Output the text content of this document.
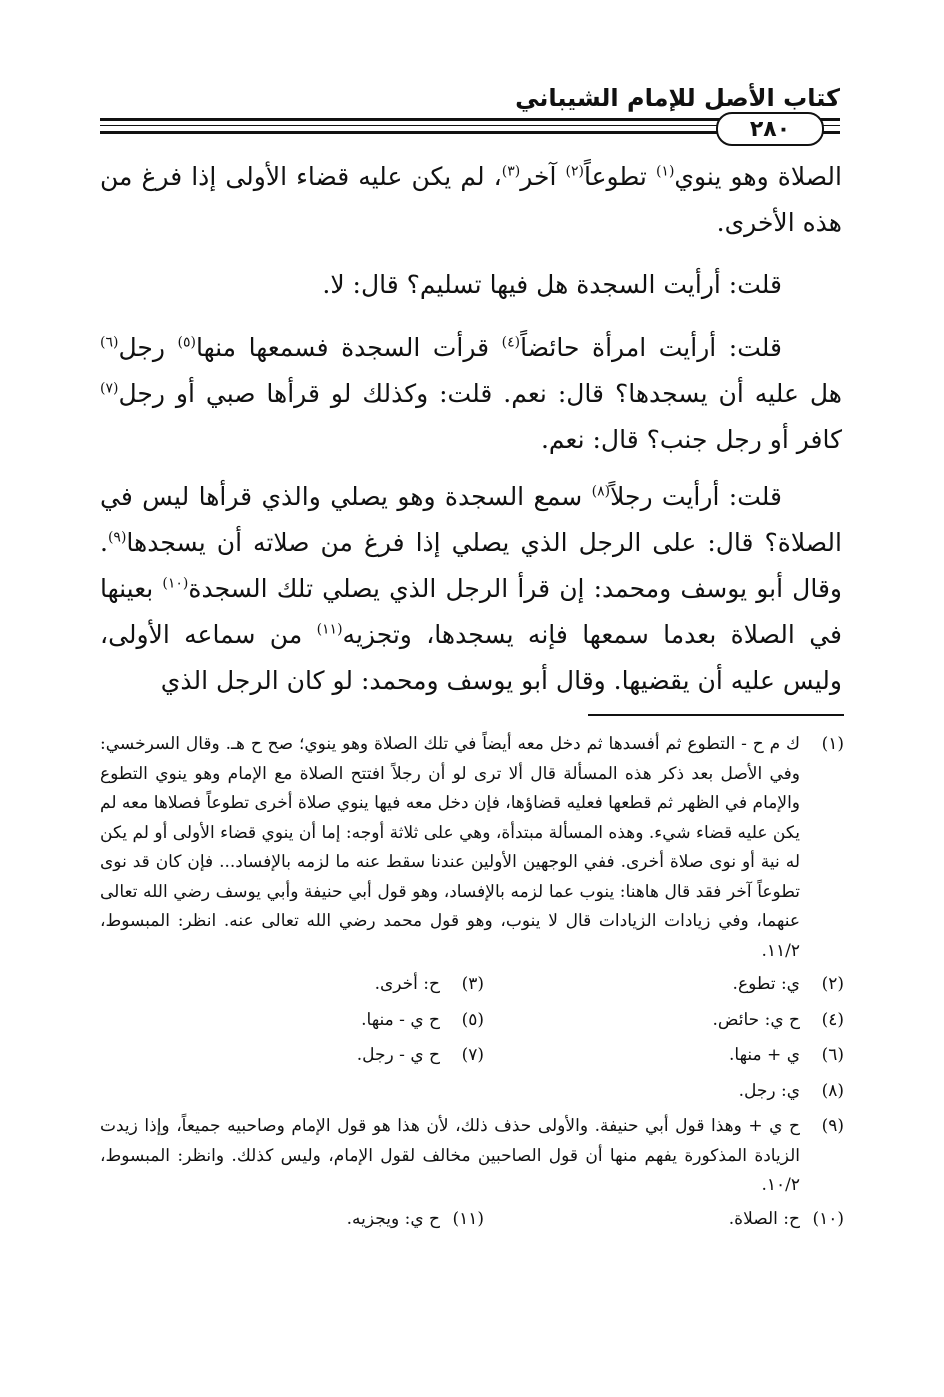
كتاب الأصل للإمام الشيباني
٢٨٠

الصلاة وهو ينوي$^{(١)}$ تطوعاً$^{(٢)}$ آخر$^{(٣)}$، لم يكن عليه قضاء الأولى إذا فرغ من هذه الأخرى.

قلت: أرأيت السجدة هل فيها تسليم؟ قال: لا.

قلت: أرأيت امرأة حائضاً$^{(٤)}$ قرأت السجدة فسمعها منها$^{(٥)}$ رجل$^{(٦)}$ هل عليه أن يسجدها؟ قال: نعم. قلت: وكذلك لو قرأها صبي أو رجل$^{(٧)}$ كافر أو رجل جنب؟ قال: نعم.

قلت: أرأيت رجلاً$^{(٨)}$ سمع السجدة وهو يصلي والذي قرأها ليس في الصلاة؟ قال: على الرجل الذي يصلي إذا فرغ من صلاته أن يسجدها$^{(٩)}$. وقال أبو يوسف ومحمد: إن قرأ الرجل الذي يصلي تلك السجدة$^{(١٠)}$ بعينها في الصلاة بعدما سمعها فإنه يسجدها، وتجزيه$^{(١١)}$ من سماعه الأولى، وليس عليه أن يقضيها. وقال أبو يوسف ومحمد: لو كان الرجل الذي

(١)
ك م ح - التطوع ثم أفسدها ثم دخل معه أيضاً في تلك الصلاة وهو ينوي؛ صح ح هـ. وقال السرخسي: وفي الأصل بعد ذكر هذه المسألة قال ألا ترى لو أن رجلاً افتتح الصلاة مع الإمام وهو ينوي التطوع والإمام في الظهر ثم قطعها فعليه قضاؤها، فإن دخل معه فيها ينوي صلاة أخرى تطوعاً فصلاها معه لم يكن عليه قضاء شيء. وهذه المسألة مبتدأة، وهي على ثلاثة أوجه: إما أن ينوي قضاء الأولى أو لم يكن له نية أو نوى صلاة أخرى. ففي الوجهين الأولين عندنا سقط عنه ما لزمه بالإفساد... فإن كان قد نوى تطوعاً آخر فقد قال هاهنا: ينوب عما لزمه بالإفساد، وهو قول أبي حنيفة وأبي يوسف رضي الله تعالى عنهما، وفي زيادات الزيادات قال لا ينوب، وهو قول محمد رضي الله تعالى عنه. انظر: المبسوط، ١١/٢.
(٢)
ي: تطوع.
(٣)
ح: أخرى.
(٤)
ح ي: حائض.
(٥)
ح ي - منها.
(٦)
ي + منها.
(٧)
ح ي - رجل.
(٨)
ي: رجل.
(٩)
ح ي + وهذا قول أبي حنيفة. والأولى حذف ذلك، لأن هذا هو قول الإمام وصاحبيه جميعاً، وإذا زيدت الزيادة المذكورة يفهم منها أن قول الصاحبين مخالف لقول الإمام، وليس كذلك. وانظر: المبسوط، ١٠/٢.
(١٠)
ح: الصلاة.
(١١)
ح ي: ويجزيه.
